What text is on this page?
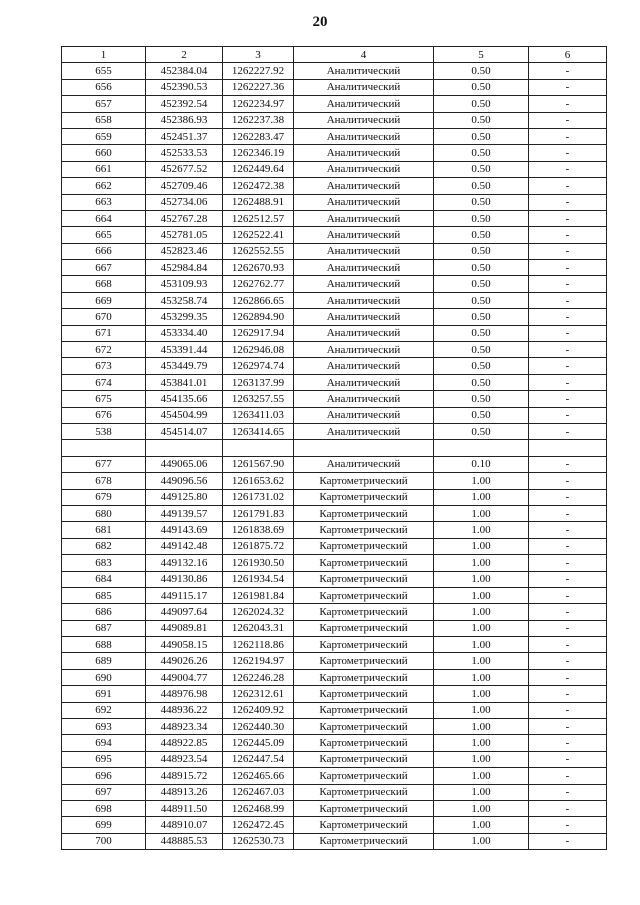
20
1	2	3	4	5	6
655	452384.04	1262227.92	Аналитический	0.50	-
656	452390.53	1262227.36	Аналитический	0.50	-
657	452392.54	1262234.97	Аналитический	0.50	-
658	452386.93	1262237.38	Аналитический	0.50	-
659	452451.37	1262283.47	Аналитический	0.50	-
660	452533.53	1262346.19	Аналитический	0.50	-
661	452677.52	1262449.64	Аналитический	0.50	-
662	452709.46	1262472.38	Аналитический	0.50	-
663	452734.06	1262488.91	Аналитический	0.50	-
664	452767.28	1262512.57	Аналитический	0.50	-
665	452781.05	1262522.41	Аналитический	0.50	-
666	452823.46	1262552.55	Аналитический	0.50	-
667	452984.84	1262670.93	Аналитический	0.50	-
668	453109.93	1262762.77	Аналитический	0.50	-
669	453258.74	1262866.65	Аналитический	0.50	-
670	453299.35	1262894.90	Аналитический	0.50	-
671	453334.40	1262917.94	Аналитический	0.50	-
672	453391.44	1262946.08	Аналитический	0.50	-
673	453449.79	1262974.74	Аналитический	0.50	-
674	453841.01	1263137.99	Аналитический	0.50	-
675	454135.66	1263257.55	Аналитический	0.50	-
676	454504.99	1263411.03	Аналитический	0.50	-
538	454514.07	1263414.65	Аналитический	0.50	-

677	449065.06	1261567.90	Аналитический	0.10	-
678	449096.56	1261653.62	Картометрический	1.00	-
679	449125.80	1261731.02	Картометрический	1.00	-
680	449139.57	1261791.83	Картометрический	1.00	-
681	449143.69	1261838.69	Картометрический	1.00	-
682	449142.48	1261875.72	Картометрический	1.00	-
683	449132.16	1261930.50	Картометрический	1.00	-
684	449130.86	1261934.54	Картометрический	1.00	-
685	449115.17	1261981.84	Картометрический	1.00	-
686	449097.64	1262024.32	Картометрический	1.00	-
687	449089.81	1262043.31	Картометрический	1.00	-
688	449058.15	1262118.86	Картометрический	1.00	-
689	449026.26	1262194.97	Картометрический	1.00	-
690	449004.77	1262246.28	Картометрический	1.00	-
691	448976.98	1262312.61	Картометрический	1.00	-
692	448936.22	1262409.92	Картометрический	1.00	-
693	448923.34	1262440.30	Картометрический	1.00	-
694	448922.85	1262445.09	Картометрический	1.00	-
695	448923.54	1262447.54	Картометрический	1.00	-
696	448915.72	1262465.66	Картометрический	1.00	-
697	448913.26	1262467.03	Картометрический	1.00	-
698	448911.50	1262468.99	Картометрический	1.00	-
699	448910.07	1262472.45	Картометрический	1.00	-
700	448885.53	1262530.73	Картометрический	1.00	-
